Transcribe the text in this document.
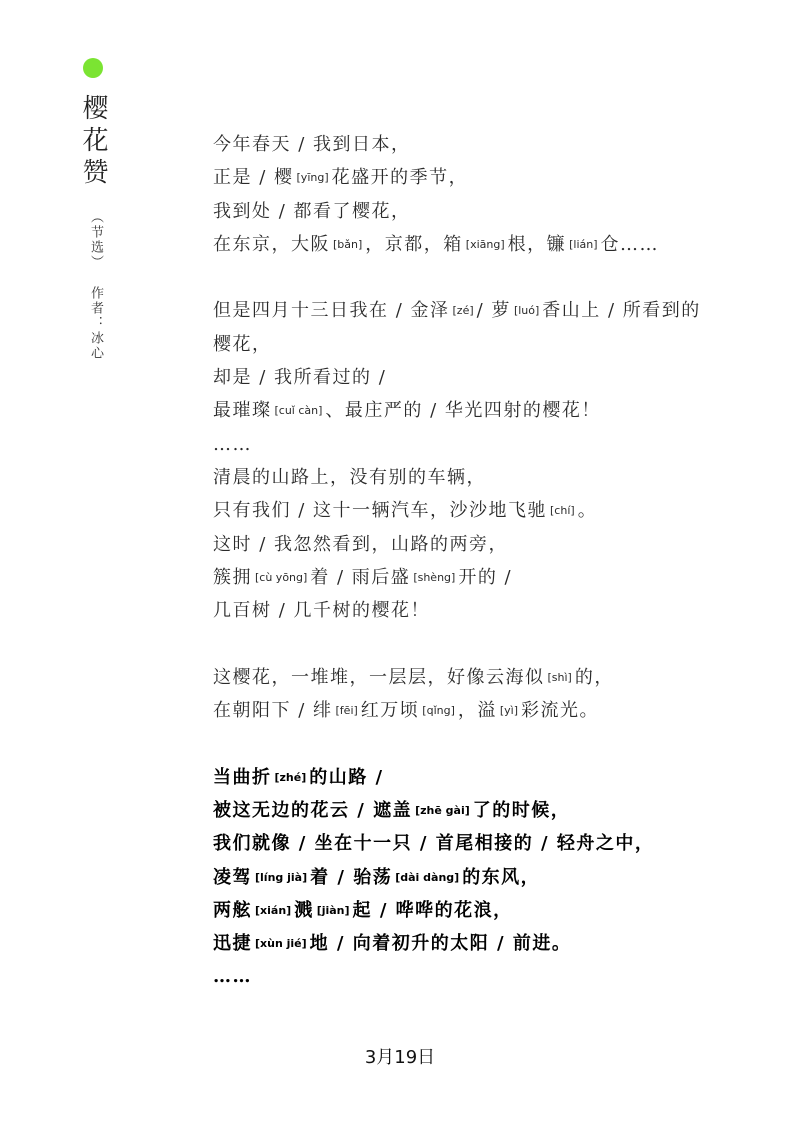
樱花赞
（节选）
作者：冰心
今年春天 / 我到日本，
正是 / 樱 [yīng] 花盛开的季节，
我到处 / 都看了樱花，
在东京，大阪 [bǎn] ，京都，箱 [xiāng] 根，镰 [lián] 仓……
但是四月十三日我在 / 金泽 [zé] / 萝 [luó] 香山上 / 所看到的
樱花，
却是 / 我所看过的 /
最璀璨 [cuǐ càn] 、最庄严的 / 华光四射的樱花！
……
清晨的山路上，没有别的车辆，
只有我们 / 这十一辆汽车，沙沙地飞驰 [chí] 。
这时 / 我忽然看到，山路的两旁，
簇拥 [cù yōng] 着 / 雨后盛 [shèng] 开的 /
几百树 / 几千树的樱花！
这樱花，一堆堆，一层层，好像云海似 [shì] 的，
在朝阳下 / 绯 [fēi] 红万顷 [qǐng] ，溢 [yì] 彩流光。
当曲折 [zhé] 的山路 /
被这无边的花云 / 遮盖 [zhē gài] 了的时候，
我们就像 / 坐在十一只 / 首尾相接的 / 轻舟之中，
凌驾 [líng jià] 着 / 骀荡 [dài dàng] 的东风，
两舷 [xián] 溅 [jiàn] 起 / 哗哗的花浪，
迅捷 [xùn jié] 地 / 向着初升的太阳 / 前进。
……
3月19日
